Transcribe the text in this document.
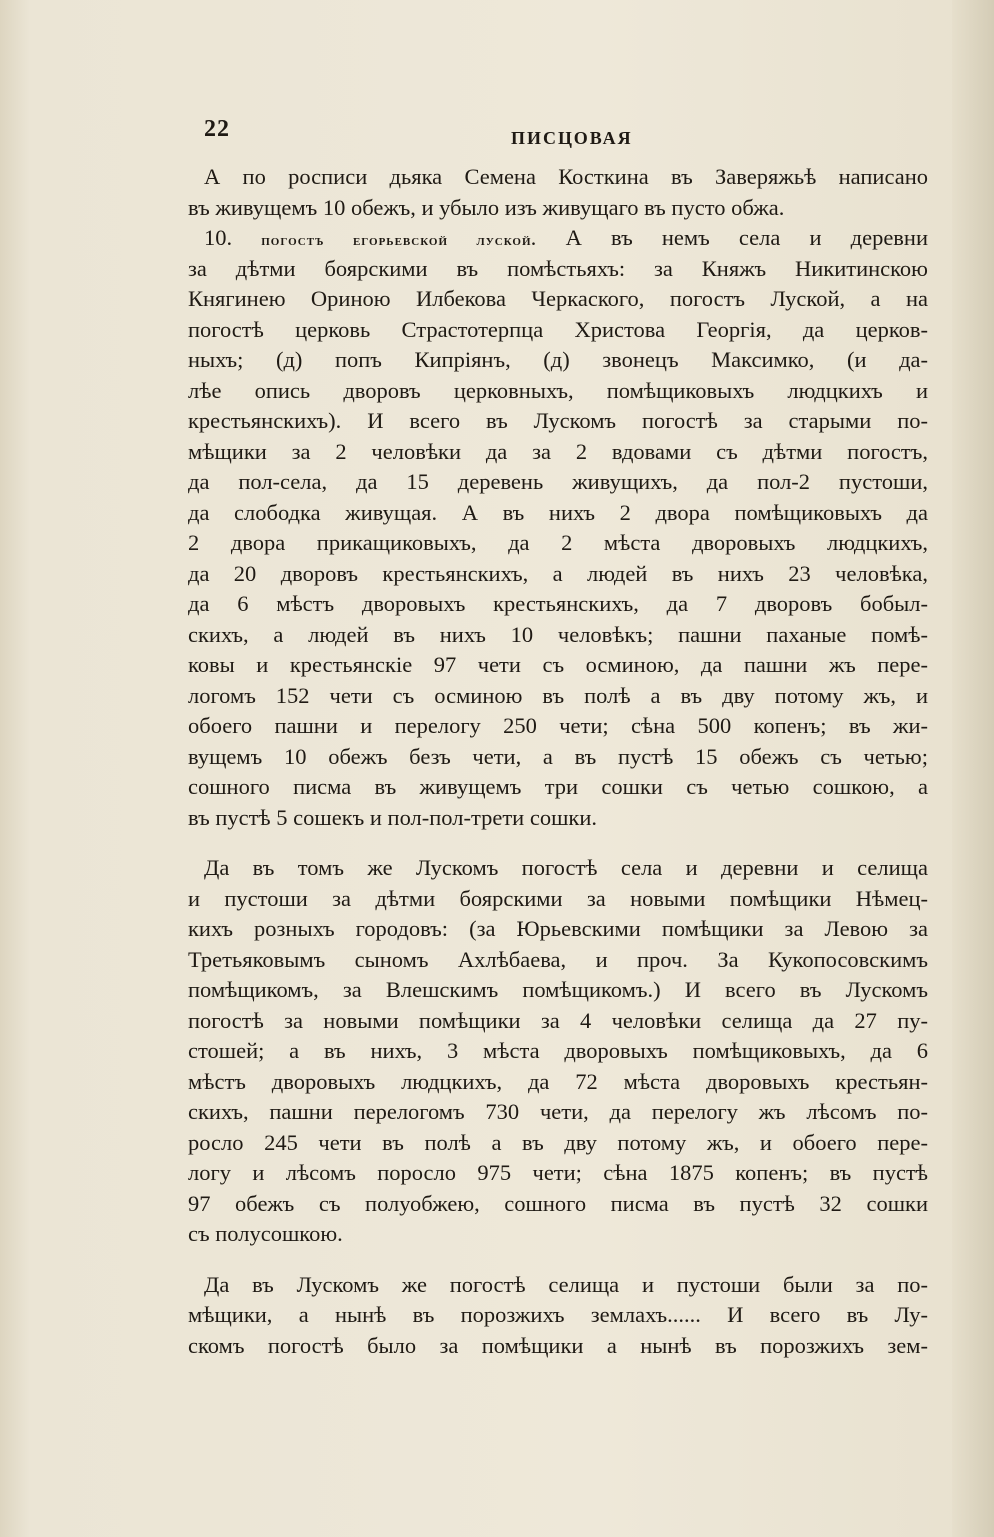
22	ПИСЦОВАЯ
А по росписи дьяка Семена Косткина въ Заверяжьѣ написано
въ живущемъ 10 обежъ, и убыло изъ живущаго въ пусто обжа.
10. погостъ егорьевской луской. А въ немъ села и деревни
за дѣтми боярскими въ помѣстьяхъ: за Княжъ Никитинскою
Княгинею Ориною Илбекова Черкаского, погостъ Луской, а на
погостѣ церковь Страстотерпца Христова Георгія, да церков-
ныхъ; (д) попъ Кипріянъ, (д) звонецъ Максимко, (и да-
лѣе опись дворовъ церковныхъ, помѣщиковыхъ людцкихъ и
крестьянскихъ). И всего въ Лускомъ погостѣ за старыми по-
мѣщики за 2 человѣки да за 2 вдовами съ дѣтми погостъ,
да пол-села, да 15 деревень живущихъ, да пол-2 пустоши,
да слободка живущая. А въ нихъ 2 двора помѣщиковыхъ да
2 двора прикащиковыхъ, да 2 мѣста дворовыхъ людцкихъ,
да 20 дворовъ крестьянскихъ, а людей въ нихъ 23 человѣка,
да 6 мѣстъ дворовыхъ крестьянскихъ, да 7 дворовъ бобыл-
скихъ, а людей въ нихъ 10 человѣкъ; пашни паханые помѣ-
ковы и крестьянскіе 97 чети съ осминою, да пашни жъ пере-
логомъ 152 чети съ осминою въ полѣ а въ дву потому жъ, и
обоего пашни и перелогу 250 чети; сѣна 500 копенъ; въ жи-
вущемъ 10 обежъ безъ чети, а въ пустѣ 15 обежъ съ четью;
сошного писма въ живущемъ три сошки съ четью сошкою, а
въ пустѣ 5 сошекъ и пол-пол-трети сошки.
Да въ томъ же Лускомъ погостѣ села и деревни и селища
и пустоши за дѣтми боярскими за новыми помѣщики Нѣмец-
кихъ розныхъ городовъ: (за Юрьевскими помѣщики за Левою за
Третьяковымъ сыномъ Ахлѣбаева, и проч. За Кукопосовскимъ
помѣщикомъ, за Влешскимъ помѣщикомъ.) И всего въ Лускомъ
погостѣ за новыми помѣщики за 4 человѣки селища да 27 пу-
стошей; а въ нихъ, 3 мѣста дворовыхъ помѣщиковыхъ, да 6
мѣстъ дворовыхъ людцкихъ, да 72 мѣста дворовыхъ крестьян-
скихъ, пашни перелогомъ 730 чети, да перелогу жъ лѣсомъ по-
росло 245 чети въ полѣ а въ дву потому жъ, и обоего пере-
логу и лѣсомъ поросло 975 чети; сѣна 1875 копенъ; въ пустѣ
97 обежъ съ полуобжею, сошного писма въ пустѣ 32 сошки
съ полусошкою.
Да въ Лускомъ же погостѣ селища и пустоши были за по-
мѣщики, а нынѣ въ порозжихъ землахъ...... И всего въ Лу-
скомъ погостѣ было за помѣщики а нынѣ въ порозжихъ зем-
